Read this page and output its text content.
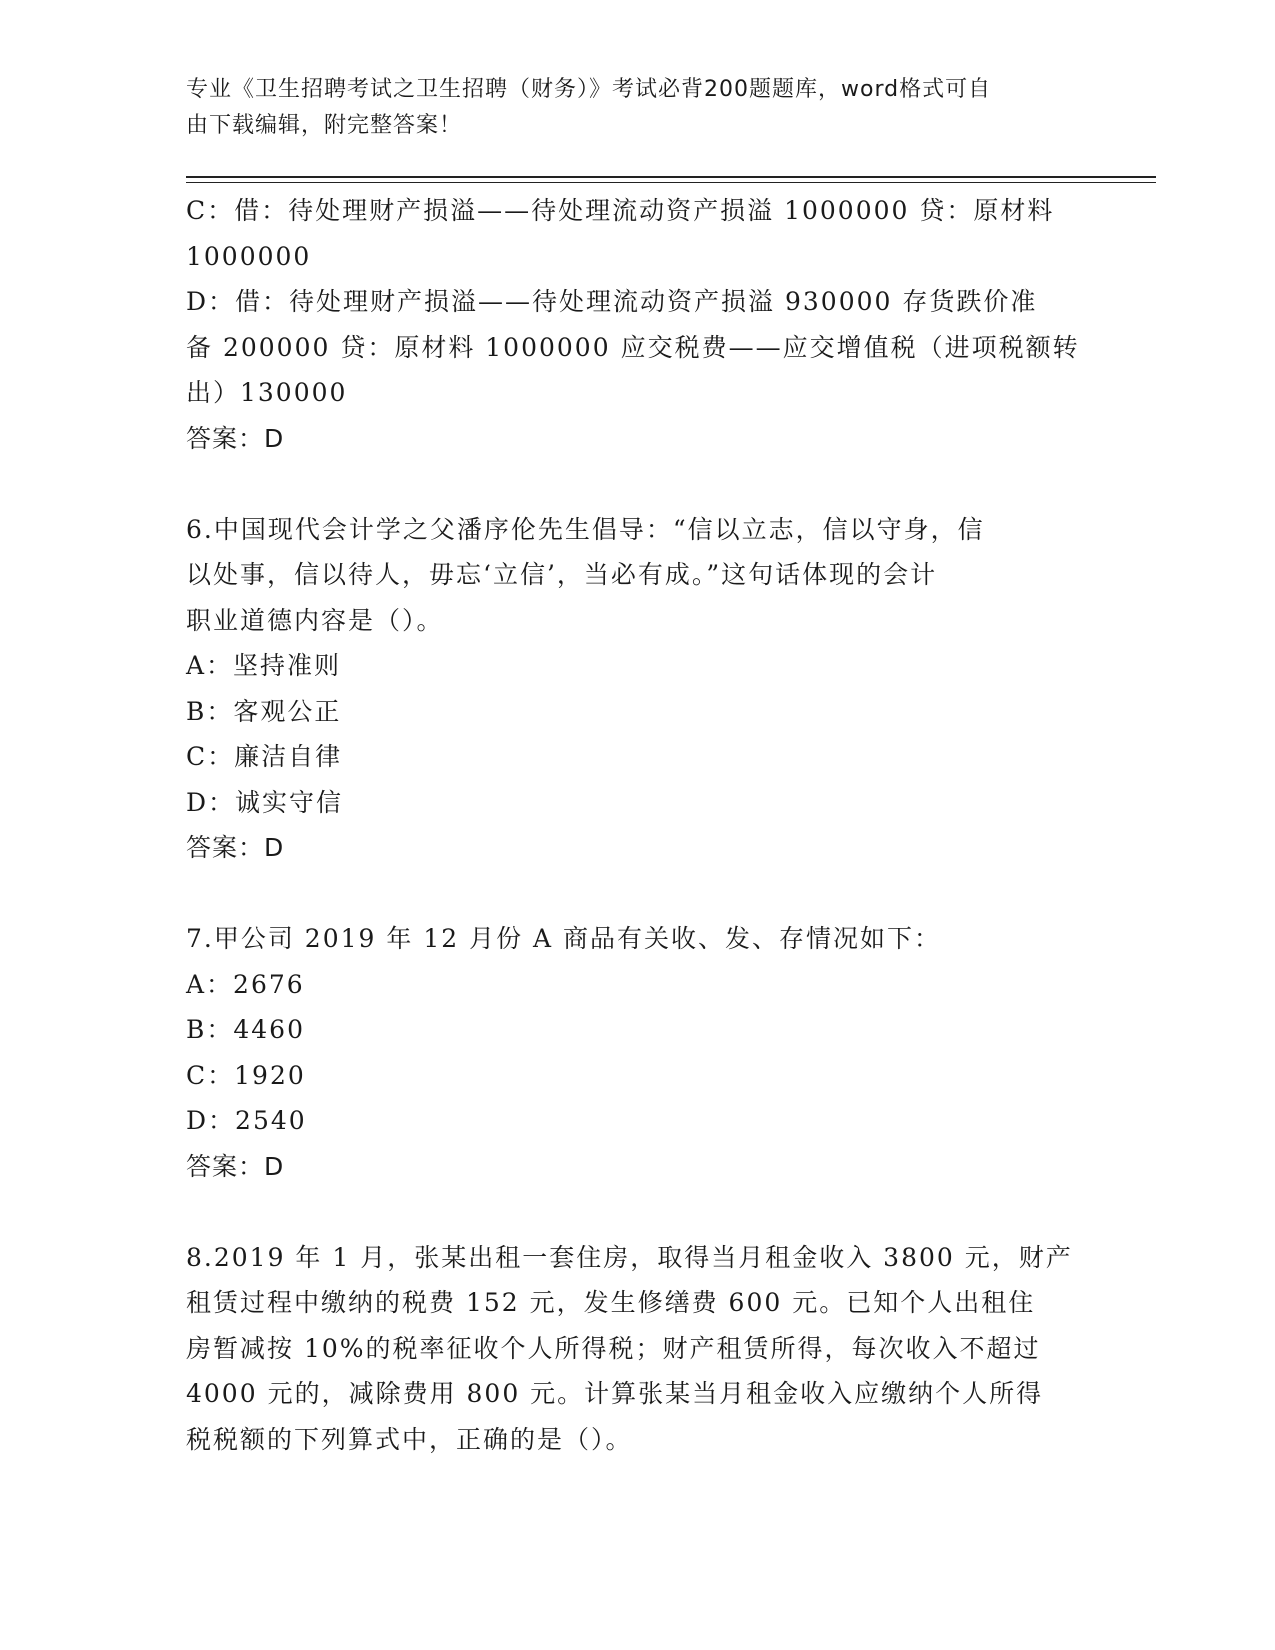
专业《卫生招聘考试之卫生招聘（财务）》考试必背200题题库，word格式可自
由下载编辑，附完整答案！
C：借：待处理财产损溢——待处理流动资产损溢 1000000 贷：原材料
1000000
D：借：待处理财产损溢——待处理流动资产损溢 930000 存货跌价准
备 200000 贷：原材料 1000000 应交税费——应交增值税（进项税额转
出）130000
答案：D
6.中国现代会计学之父潘序伦先生倡导：“信以立志，信以守身，信
以处事，信以待人，毋忘‘立信’，当必有成。”这句话体现的会计
职业道德内容是（）。
A：坚持准则
B：客观公正
C：廉洁自律
D：诚实守信
答案：D
7.甲公司 2019 年 12 月份 A 商品有关收、发、存情况如下：
A：2676
B：4460
C：1920
D：2540
答案：D
8.2019 年 1 月，张某出租一套住房，取得当月租金收入 3800 元，财产
租赁过程中缴纳的税费 152 元，发生修缮费 600 元。已知个人出租住
房暂减按 10%的税率征收个人所得税；财产租赁所得，每次收入不超过
4000 元的，减除费用 800 元。计算张某当月租金收入应缴纳个人所得
税税额的下列算式中，正确的是（）。
